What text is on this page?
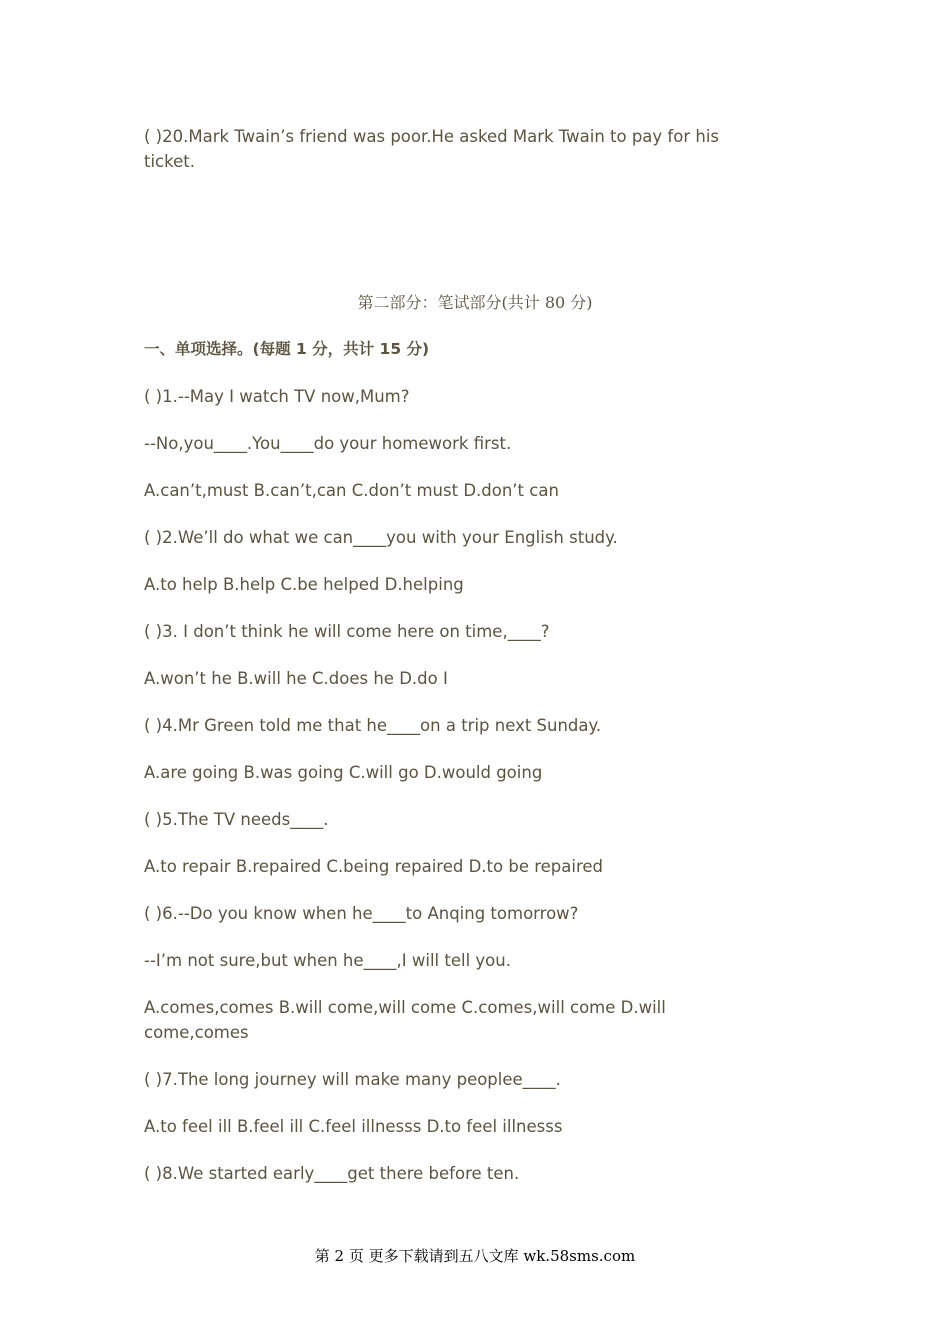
( )20.Mark Twain’s friend was poor.He asked Mark Twain to pay for his ticket.

第二部分：笔试部分(共计 80 分)

一、单项选择。(每题 1 分，共计 15 分)

( )1.--May I watch TV now,Mum?

--No,you____.You____do your homework first.

A.can’t,must B.can’t,can C.don’t must D.don’t can

( )2.We’ll do what we can____you with your English study.

A.to help B.help C.be helped D.helping

( )3. I don’t think he will come here on time,____?

A.won’t he B.will he C.does he D.do I

( )4.Mr Green told me that he____on a trip next Sunday.

A.are going B.was going C.will go D.would going

( )5.The TV needs____.

A.to repair B.repaired C.being repaired D.to be repaired

( )6.--Do you know when he____to Anqing tomorrow?

--I’m not sure,but when he____,I will tell you.

A.comes,comes B.will come,will come C.comes,will come D.will come,comes

( )7.The long journey will make many peoplee____.

A.to feel ill B.feel ill C.feel illnesss D.to feel illnesss

( )8.We started early____get there before ten.

第 2 页 更多下载请到五八文库 wk.58sms.com
